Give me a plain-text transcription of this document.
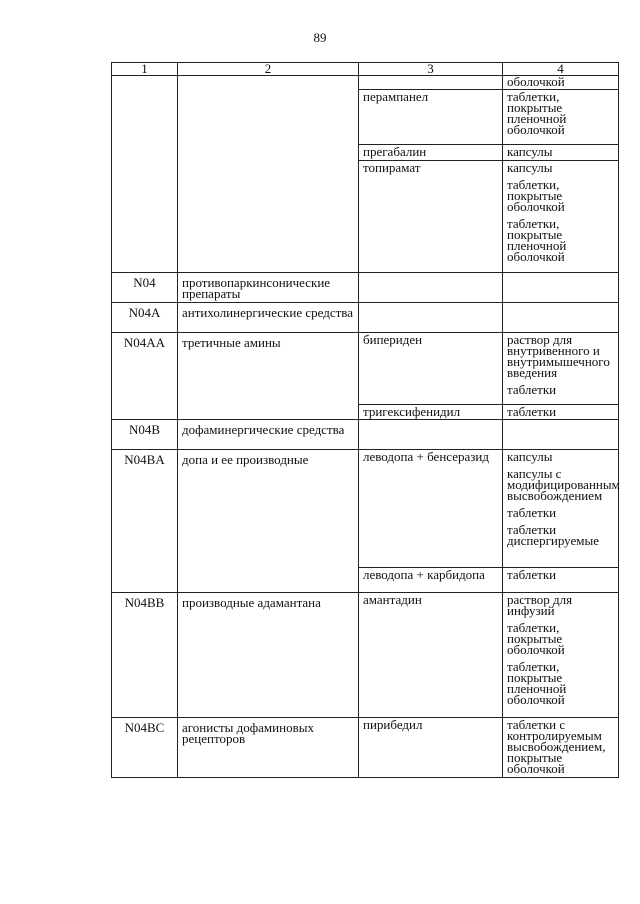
89
1	2	3	4

			оболочкой

		перампанел	таблетки, покрытые пленочной оболочкой

		прегабалин	капсулы

		топирамат	капсулы
таблетки, покрытые оболочкой
таблетки, покрытые пленочной оболочкой

N04	противопаркинсонические препараты		
N04A	антихолинергические средства		
N04AA	третичные амины	бипериден	раствор для внутривенного и внутримышечного введения
таблетки

		тригексифенидил	таблетки

N04B	дофаминергические средства		
N04BA	допа и ее производные	леводопа + бенсеразид	капсулы
капсулы с модифицированным высвобождением
таблетки
таблетки диспергируемые

		леводопа + карбидопа	таблетки

N04BB	производные адамантана	амантадин	раствор для инфузий
таблетки, покрытые оболочкой
таблетки, покрытые пленочной оболочкой

N04BC	агонисты дофаминовых рецепторов	пирибедил	таблетки с контролируемым высвобождением, покрытые оболочкой
